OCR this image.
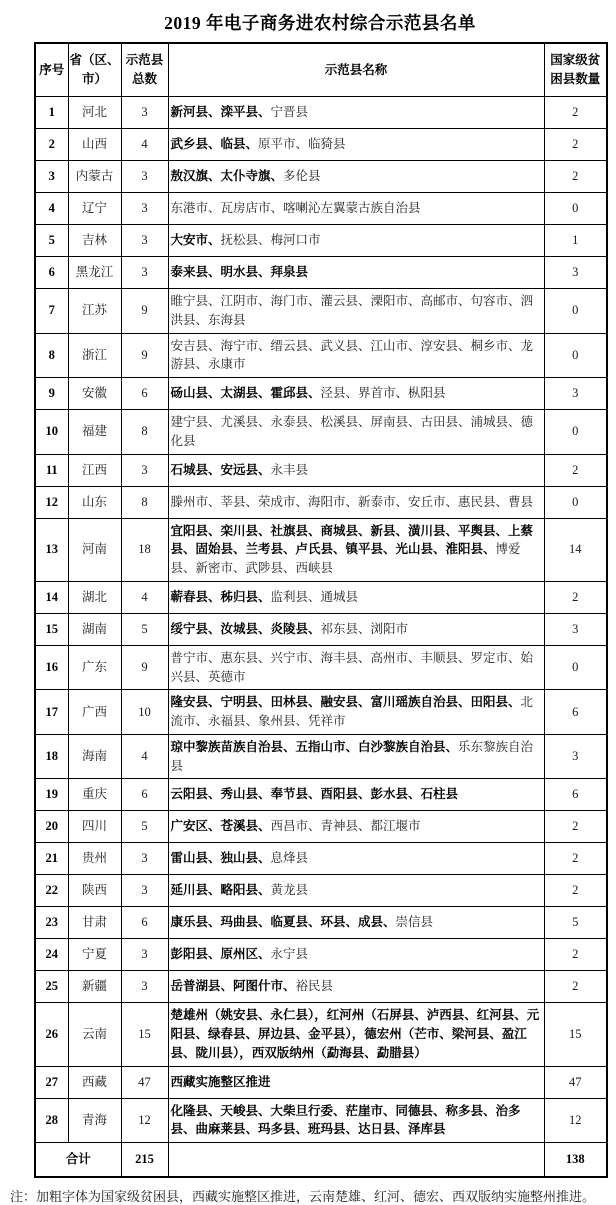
2019 年电子商务进农村综合示范县名单
序号	省（区、市）	示范县总数	示范县名称	国家级贫困县数量
1	河北	3	新河县、滦平县、宁晋县	2
2	山西	4	武乡县、临县、原平市、临猗县	2
3	内蒙古	3	敖汉旗、太仆寺旗、多伦县	2
4	辽宁	3	东港市、瓦房店市、喀喇沁左翼蒙古族自治县	0
5	吉林	3	大安市、抚松县、梅河口市	1
6	黑龙江	3	泰来县、明水县、拜泉县	3
7	江苏	9	睢宁县、江阴市、海门市、灌云县、溧阳市、高邮市、句容市、泗洪县、东海县	0
8	浙江	9	安吉县、海宁市、缙云县、武义县、江山市、淳安县、桐乡市、龙游县、永康市	0
9	安徽	6	砀山县、太湖县、霍邱县、泾县、界首市、枞阳县	3
10	福建	8	建宁县、尤溪县、永泰县、松溪县、屏南县、古田县、浦城县、德化县	0
11	江西	3	石城县、安远县、永丰县	2
12	山东	8	滕州市、莘县、荣成市、海阳市、新泰市、安丘市、惠民县、曹县	0
13	河南	18	宜阳县、栾川县、社旗县、商城县、新县、潢川县、平舆县、上蔡县、固始县、兰考县、卢氏县、镇平县、光山县、淮阳县、博爱县、新密市、武陟县、西峡县	14
14	湖北	4	蕲春县、秭归县、监利县、通城县	2
15	湖南	5	绥宁县、汝城县、炎陵县、祁东县、浏阳市	3
16	广东	9	普宁市、惠东县、兴宁市、海丰县、高州市、丰顺县、罗定市、始兴县、英德市	0
17	广西	10	隆安县、宁明县、田林县、融安县、富川瑶族自治县、田阳县、北流市、永福县、象州县、凭祥市	6
18	海南	4	琼中黎族苗族自治县、五指山市、白沙黎族自治县、乐东黎族自治县	3
19	重庆	6	云阳县、秀山县、奉节县、酉阳县、彭水县、石柱县	6
20	四川	5	广安区、苍溪县、西昌市、青神县、都江堰市	2
21	贵州	3	雷山县、独山县、息烽县	2
22	陕西	3	延川县、略阳县、黄龙县	2
23	甘肃	6	康乐县、玛曲县、临夏县、环县、成县、崇信县	5
24	宁夏	3	彭阳县、原州区、永宁县	2
25	新疆	3	岳普湖县、阿图什市、裕民县	2
26	云南	15	楚雄州（姚安县、永仁县），红河州（石屏县、泸西县、红河县、元阳县、绿春县、屏边县、金平县），德宏州（芒市、梁河县、盈江县、陇川县），西双版纳州（勐海县、勐腊县）	15
27	西藏	47	西藏实施整区推进	47
28	青海	12	化隆县、天峻县、大柴旦行委、茫崖市、同德县、称多县、治多县、曲麻莱县、玛多县、班玛县、达日县、泽库县	12
合计		215		138

注：加粗字体为国家级贫困县，西藏实施整区推进，云南楚雄、红河、德宏、西双版纳实施整州推进。
